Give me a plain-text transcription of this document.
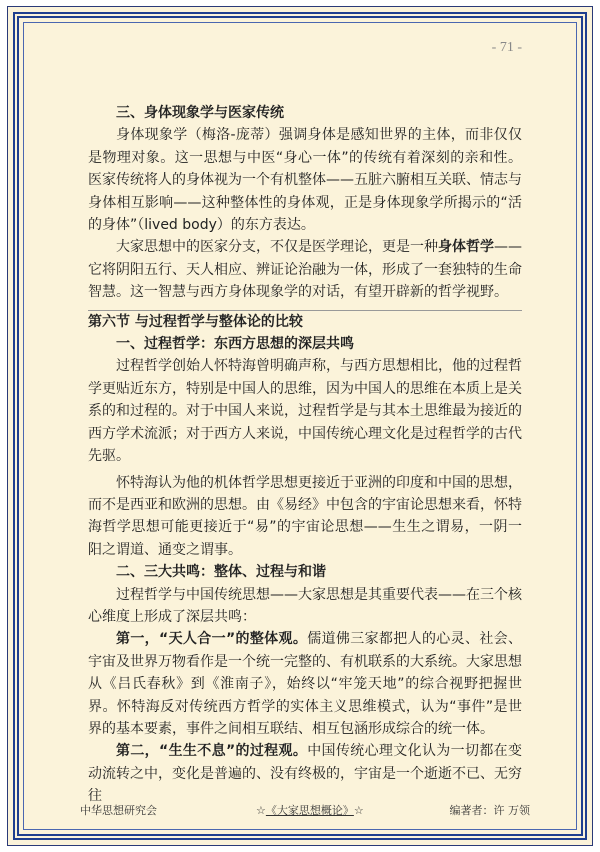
- 71 -

三、身体现象学与医家传统

身体现象学（梅洛-庞蒂）强调身体是感知世界的主体，而非仅仅是物理对象。这一思想与中医“身心一体”的传统有着深刻的亲和性。医家传统将人的身体视为一个有机整体——五脏六腑相互关联、情志与身体相互影响——这种整体性的身体观，正是身体现象学所揭示的“活的身体”（lived body）的东方表达。

大家思想中的医家分支，不仅是医学理论，更是一种身体哲学——它将阴阳五行、天人相应、辨证论治融为一体，形成了一套独特的生命智慧。这一智慧与西方身体现象学的对话，有望开辟新的哲学视野。

第六节 与过程哲学与整体论的比较

一、过程哲学：东西方思想的深层共鸣

过程哲学创始人怀特海曾明确声称，与西方思想相比，他的过程哲学更贴近东方，特别是中国人的思维，因为中国人的思维在本质上是关系的和过程的。对于中国人来说，过程哲学是与其本土思维最为接近的西方学术流派；对于西方人来说，中国传统心理文化是过程哲学的古代先驱。

怀特海认为他的机体哲学思想更接近于亚洲的印度和中国的思想，而不是西亚和欧洲的思想。由《易经》中包含的宇宙论思想来看，怀特海哲学思想可能更接近于“易”的宇宙论思想——生生之谓易，一阴一阳之谓道、通变之谓事。

二、三大共鸣：整体、过程与和谐

过程哲学与中国传统思想——大家思想是其重要代表——在三个核心维度上形成了深层共鸣：

第一，“天人合一”的整体观。儒道佛三家都把人的心灵、社会、宇宙及世界万物看作是一个统一完整的、有机联系的大系统。大家思想从《吕氏春秋》到《淮南子》，始终以“牢笼天地”的综合视野把握世界。怀特海反对传统西方哲学的实体主义思维模式，认为“事件”是世界的基本要素，事件之间相互联结、相互包涵形成综合的统一体。

第二，“生生不息”的过程观。中国传统心理文化认为一切都在变动流转之中，变化是普遍的、没有终极的，宇宙是一个逝逝不已、无穷往

中华思想研究会	☆《大家思想概论》☆	编著者：许 万领
